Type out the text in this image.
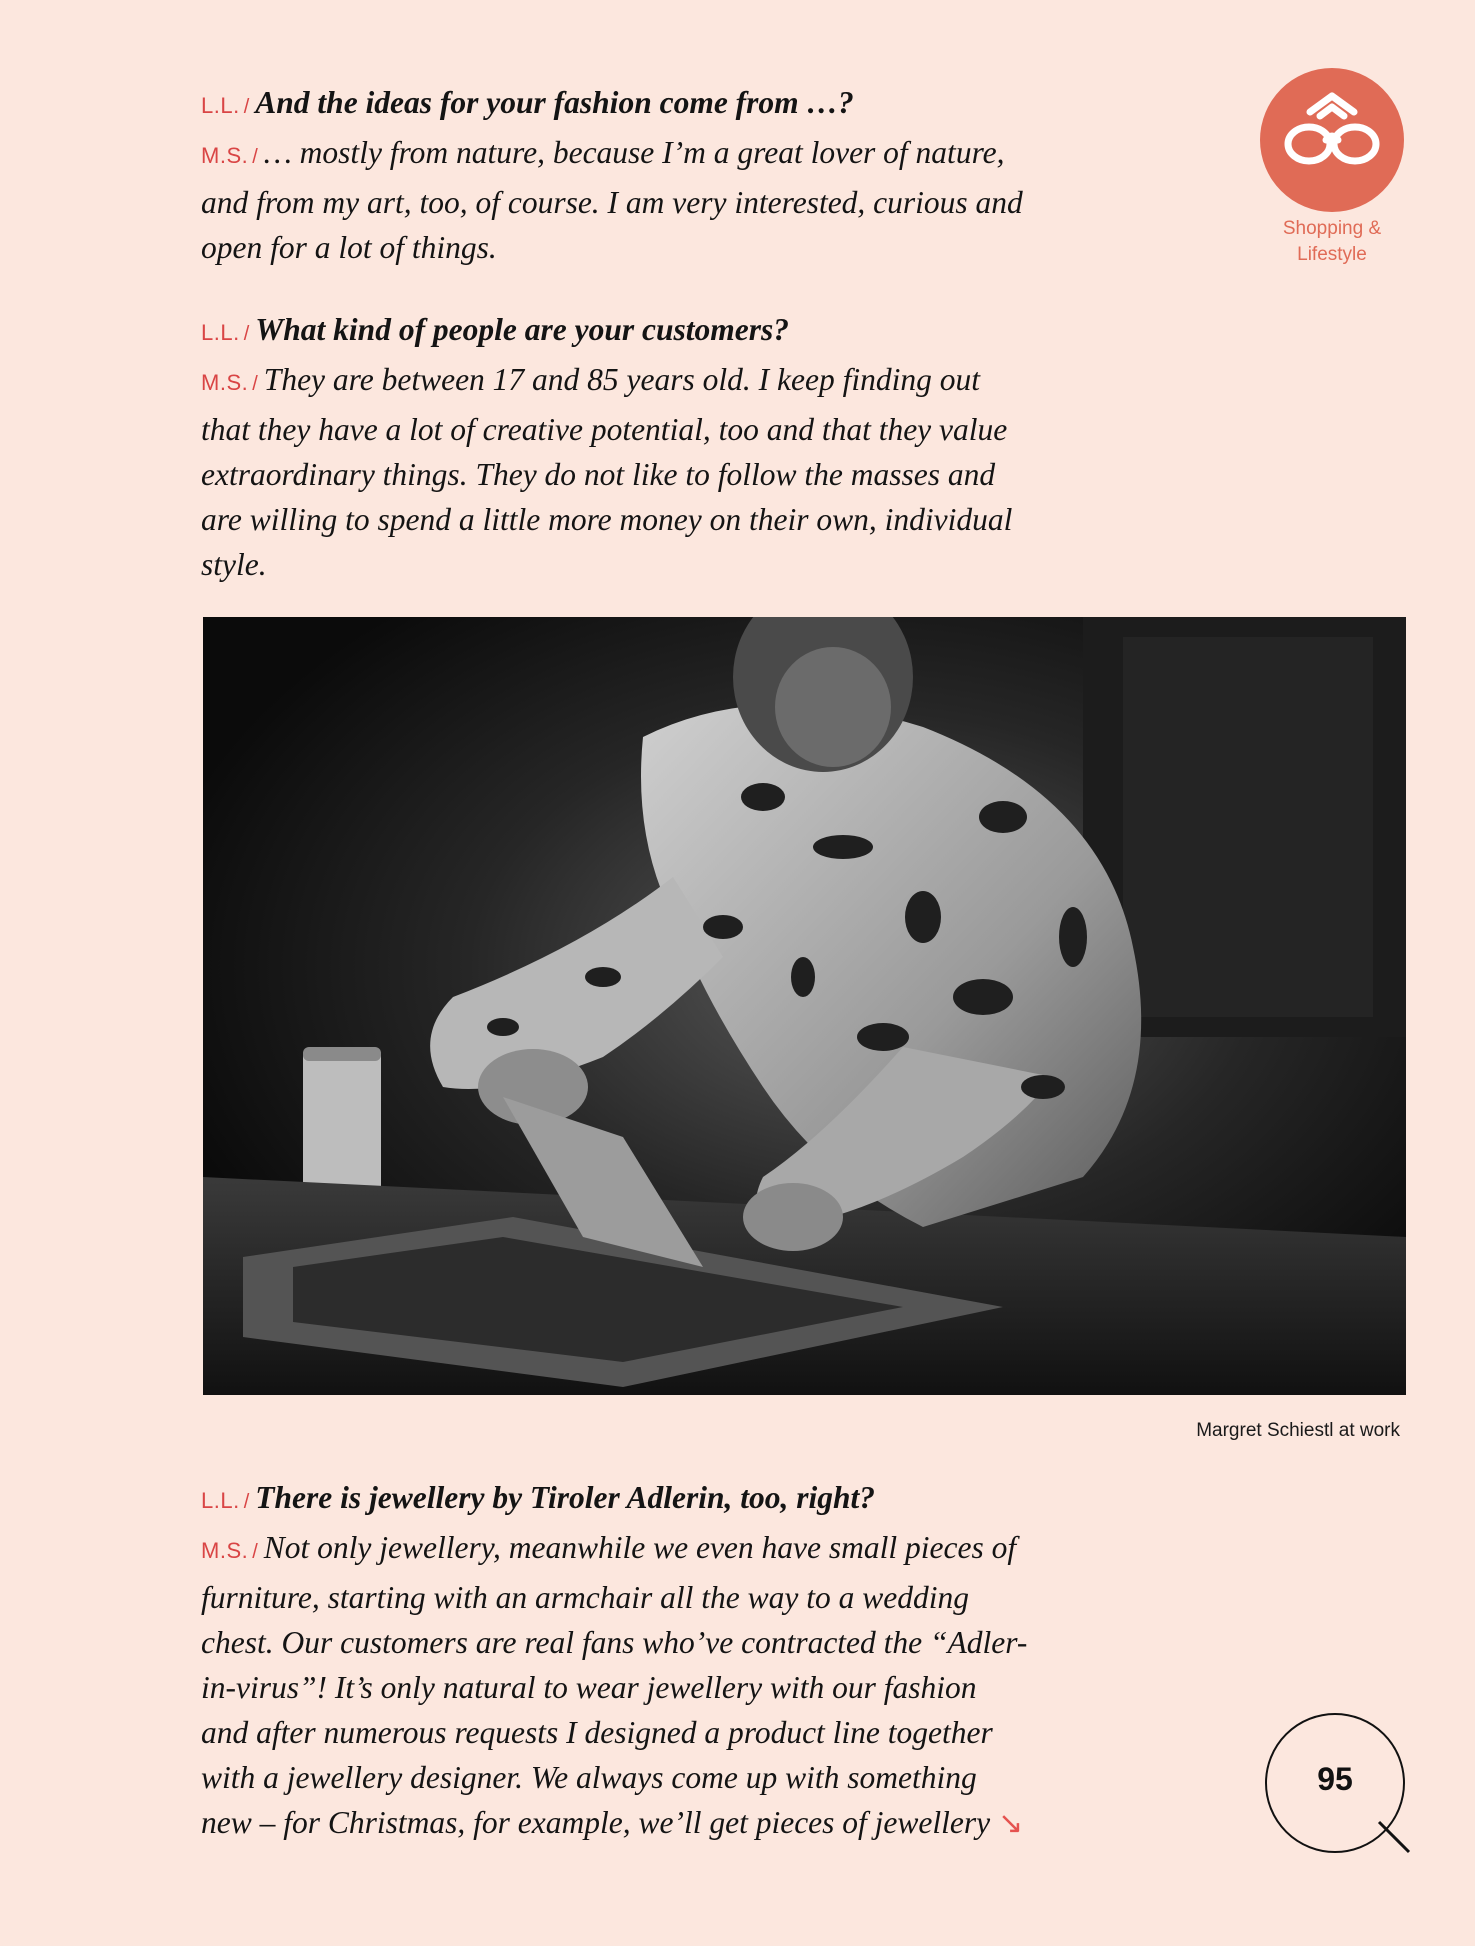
Shopping &
Lifestyle

L.L. / And the ideas for your fashion come from …?
M.S. / … mostly from nature, because I’m a great lover of nature,
and from my art, too, of course. I am very interested, curious and
open for a lot of things.

L.L. / What kind of people are your customers?
M.S. / They are between 17 and 85 years old. I keep finding out
that they have a lot of creative potential, too and that they value
extraordinary things. They do not like to follow the masses and
are willing to spend a little more money on their own, individual
style.

Margret Schiestl at work

L.L. / There is jewellery by Tiroler Adlerin, too, right?
M.S. / Not only jewellery, meanwhile we even have small pieces of
furniture, starting with an armchair all the way to a wedding
chest. Our customers are real fans who’ve contracted the “Adler-
in-virus”! It’s only natural to wear jewellery with our fashion
and after numerous requests I designed a product line together
with a jewellery designer. We always come up with something
new – for Christmas, for example, we’ll get pieces of jewellery ↘

95
